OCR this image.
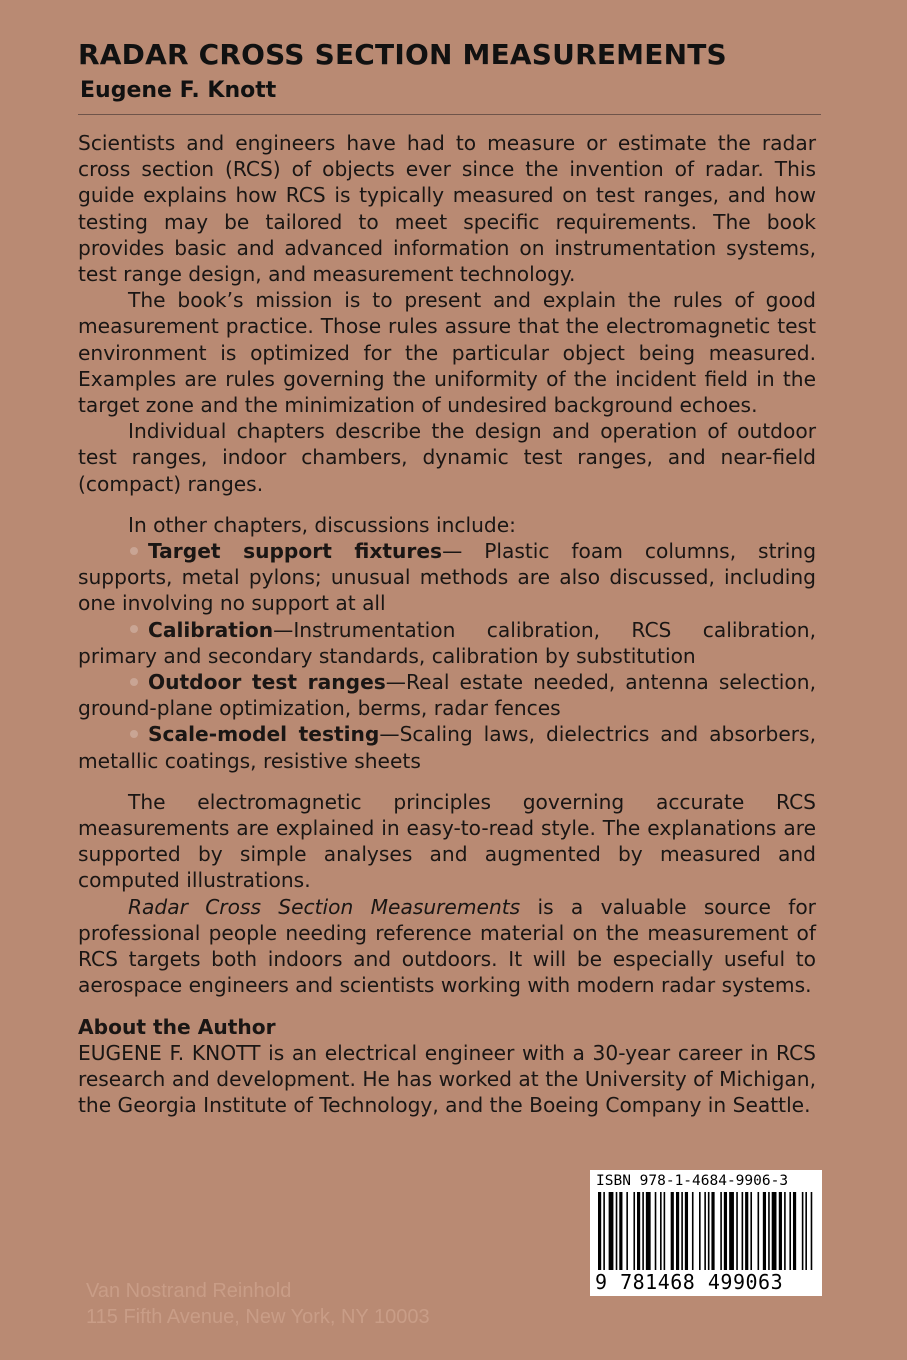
RADAR CROSS SECTION MEASUREMENTS
Eugene F. Knott

Scientists and engineers have had to measure or estimate the radar cross section (RCS) of objects ever since the invention of radar. This guide explains how RCS is typically measured on test ranges, and how testing may be tailored to meet specific requirements. The book provides basic and advanced information on instrumentation systems, test range design, and measurement technology.

The book’s mission is to present and explain the rules of good measurement practice. Those rules assure that the electromagnetic test environment is optimized for the particular object being measured. Examples are rules governing the uniformity of the incident field in the target zone and the minimization of undesired background echoes.

Individual chapters describe the design and operation of outdoor test ranges, indoor chambers, dynamic test ranges, and near-field (compact) ranges.

In other chapters, discussions include:

Target support fixtures— Plastic foam columns, string supports, metal pylons; unusual methods are also discussed, including one involving no support at all

Calibration—Instrumentation calibration, RCS calibration, primary and secondary standards, calibration by substitution

Outdoor test ranges—Real estate needed, antenna selection, ground-plane optimization, berms, radar fences

Scale-model testing—Scaling laws, dielectrics and absorbers, metallic coatings, resistive sheets

The electromagnetic principles governing accurate RCS measurements are explained in easy-to-read style. The explanations are supported by simple analyses and augmented by measured and computed illustrations.

Radar Cross Section Measurements is a valuable source for professional people needing reference material on the measurement of RCS targets both indoors and outdoors. It will be especially useful to aerospace engineers and scientists working with modern radar systems.

About the Author

EUGENE F. KNOTT is an electrical engineer with a 30-year career in RCS research and development. He has worked at the University of Michigan, the Georgia Institute of Technology, and the Boeing Company in Seattle.

ISBN 978-1-4684-9906-3
9 781468 499063
Van Nostrand Reinhold
115 Fifth Avenue, New York, NY 10003
